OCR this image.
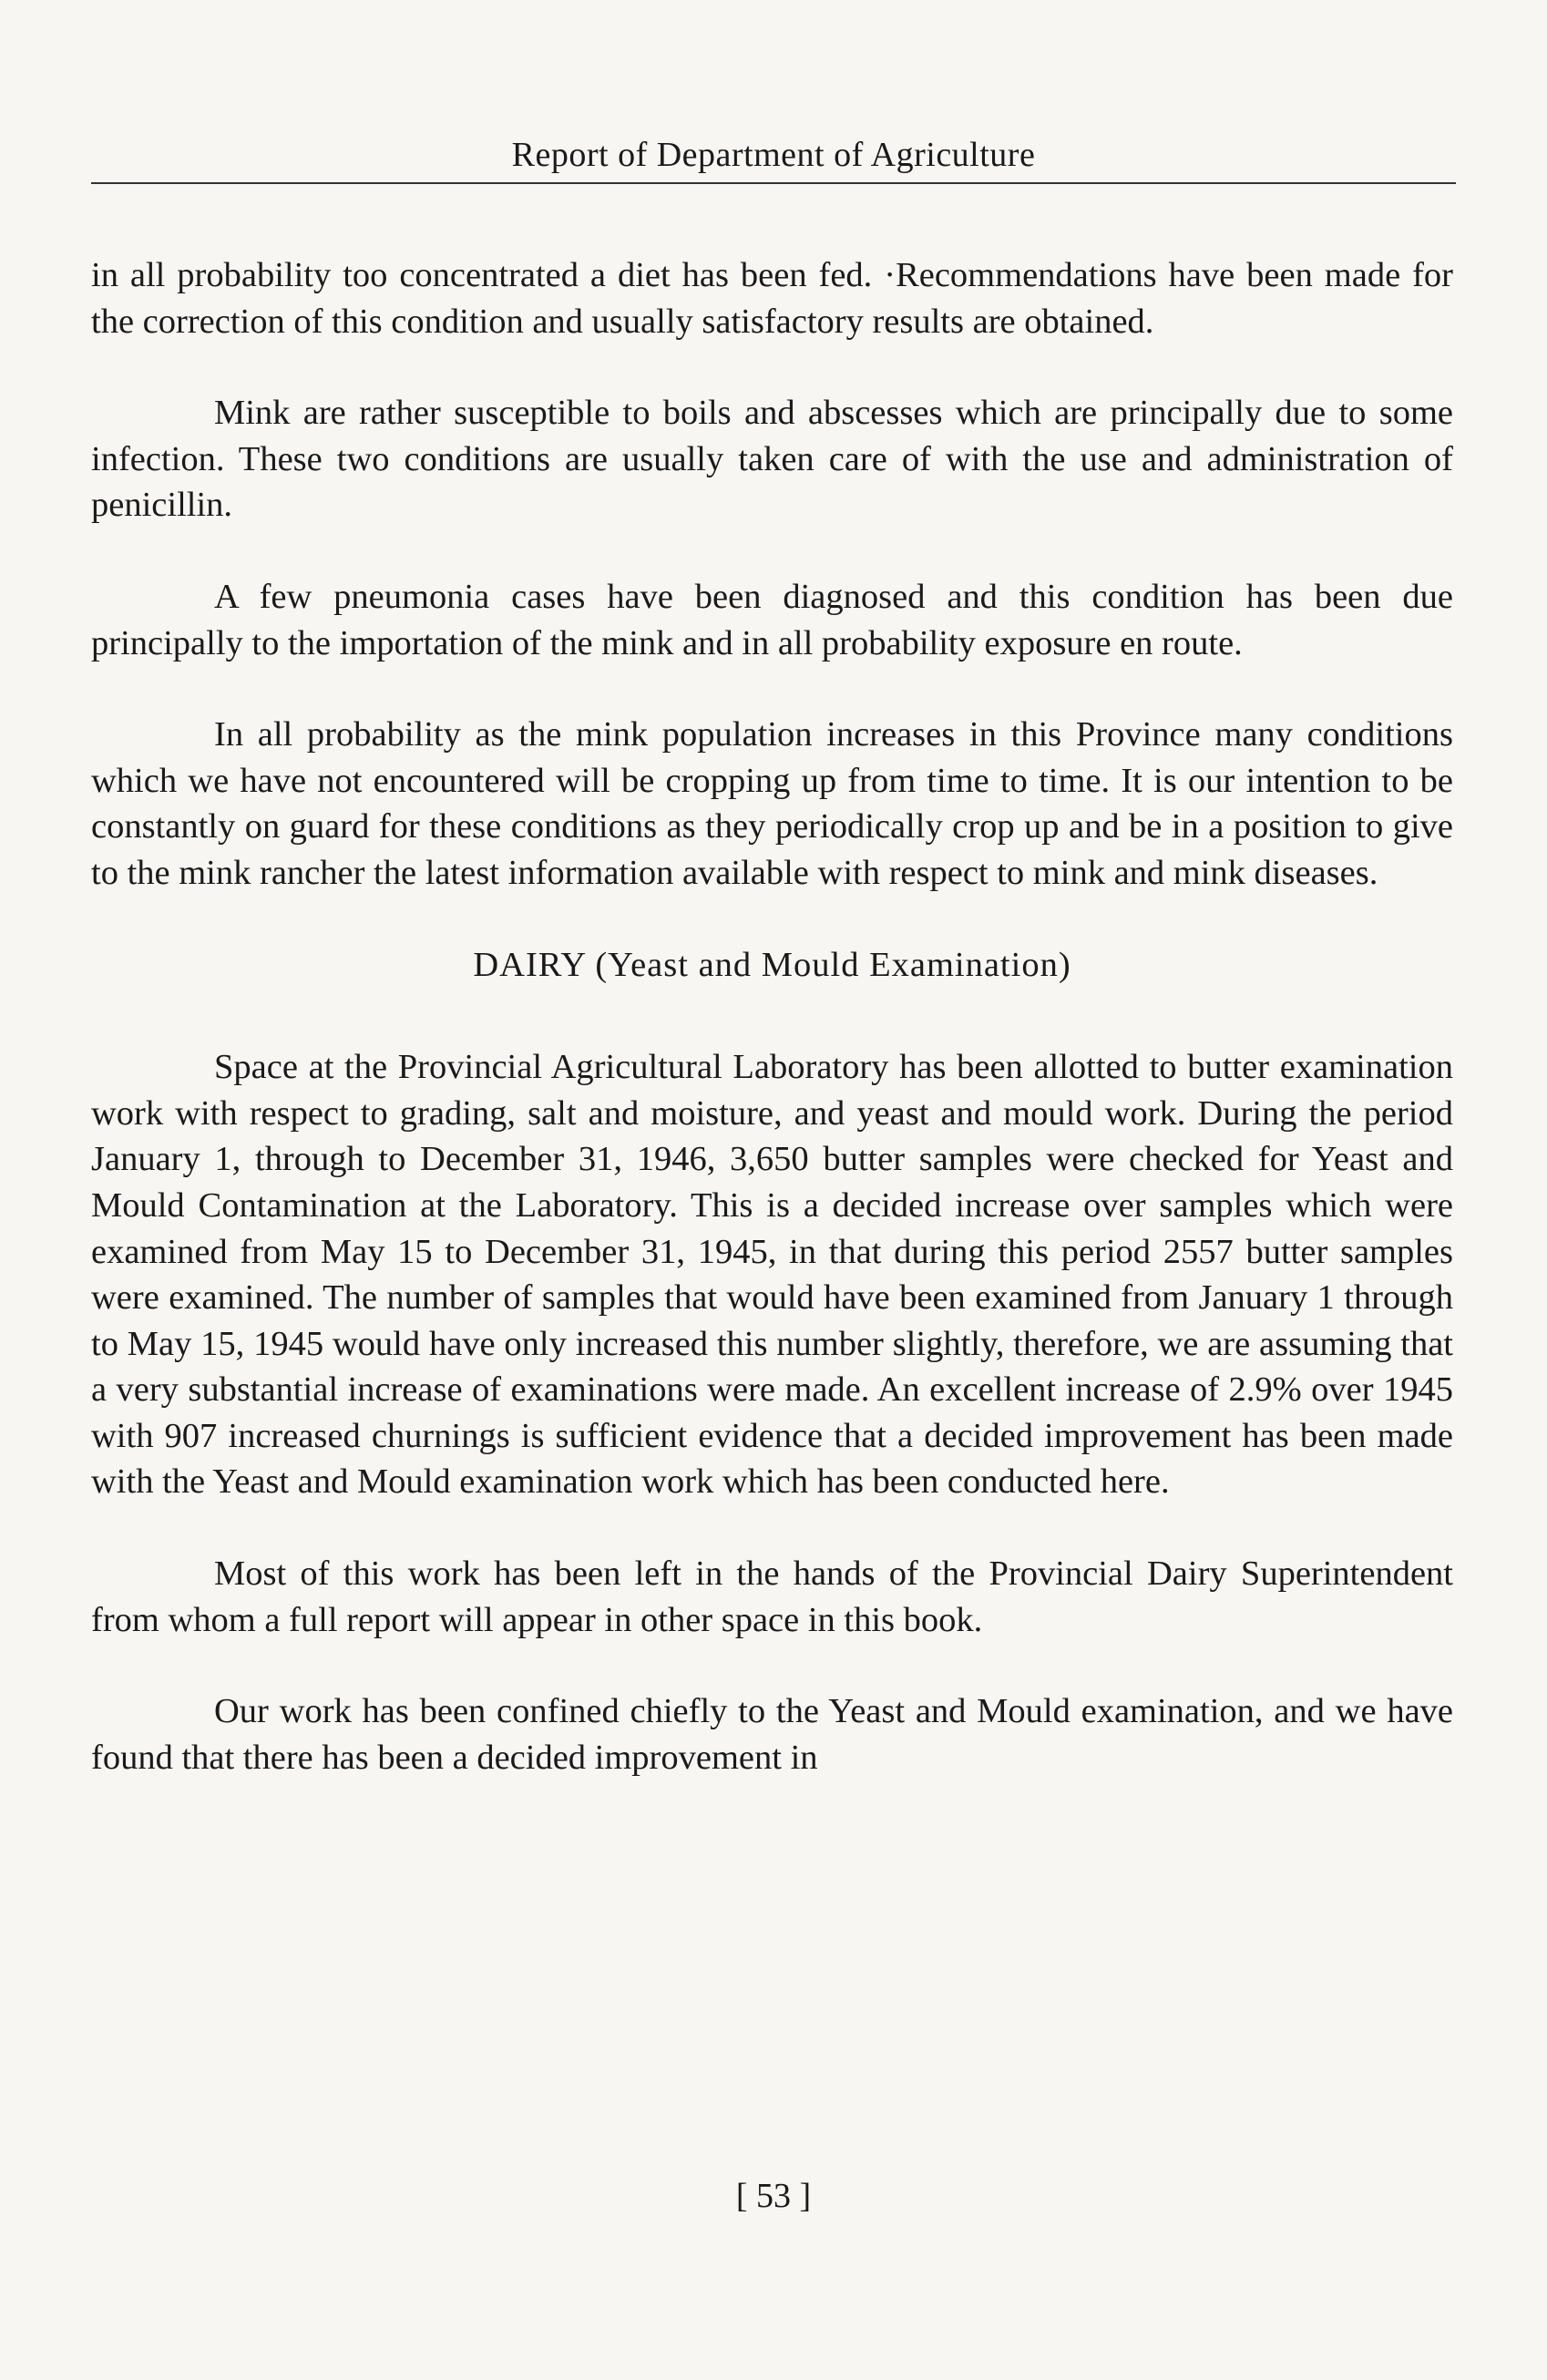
Report of Department of Agriculture

in all probability too concentrated a diet has been fed. ·Recommendations have been made for the correction of this condition and usually satisfactory results are obtained.

Mink are rather susceptible to boils and abscesses which are principally due to some infection. These two conditions are usually taken care of with the use and administration of penicillin.

A few pneumonia cases have been diagnosed and this condition has been due principally to the importation of the mink and in all probability exposure en route.

In all probability as the mink population increases in this Province many conditions which we have not encountered will be cropping up from time to time. It is our intention to be constantly on guard for these conditions as they periodically crop up and be in a position to give to the mink rancher the latest information available with respect to mink and mink diseases.

DAIRY (Yeast and Mould Examination)

Space at the Provincial Agricultural Laboratory has been allotted to butter examination work with respect to grading, salt and moisture, and yeast and mould work. During the period January 1, through to December 31, 1946, 3,650 butter samples were checked for Yeast and Mould Contamination at the Laboratory. This is a decided increase over samples which were examined from May 15 to December 31, 1945, in that during this period 2557 butter samples were examined. The number of samples that would have been examined from January 1 through to May 15, 1945 would have only increased this number slightly, therefore, we are assuming that a very substantial increase of examinations were made. An excellent increase of 2.9% over 1945 with 907 increased churnings is sufficient evidence that a decided improvement has been made with the Yeast and Mould examination work which has been conducted here.

Most of this work has been left in the hands of the Provincial Dairy Superintendent from whom a full report will appear in other space in this book.

Our work has been confined chiefly to the Yeast and Mould examination, and we have found that there has been a decided improvement in

[ 53 ]
